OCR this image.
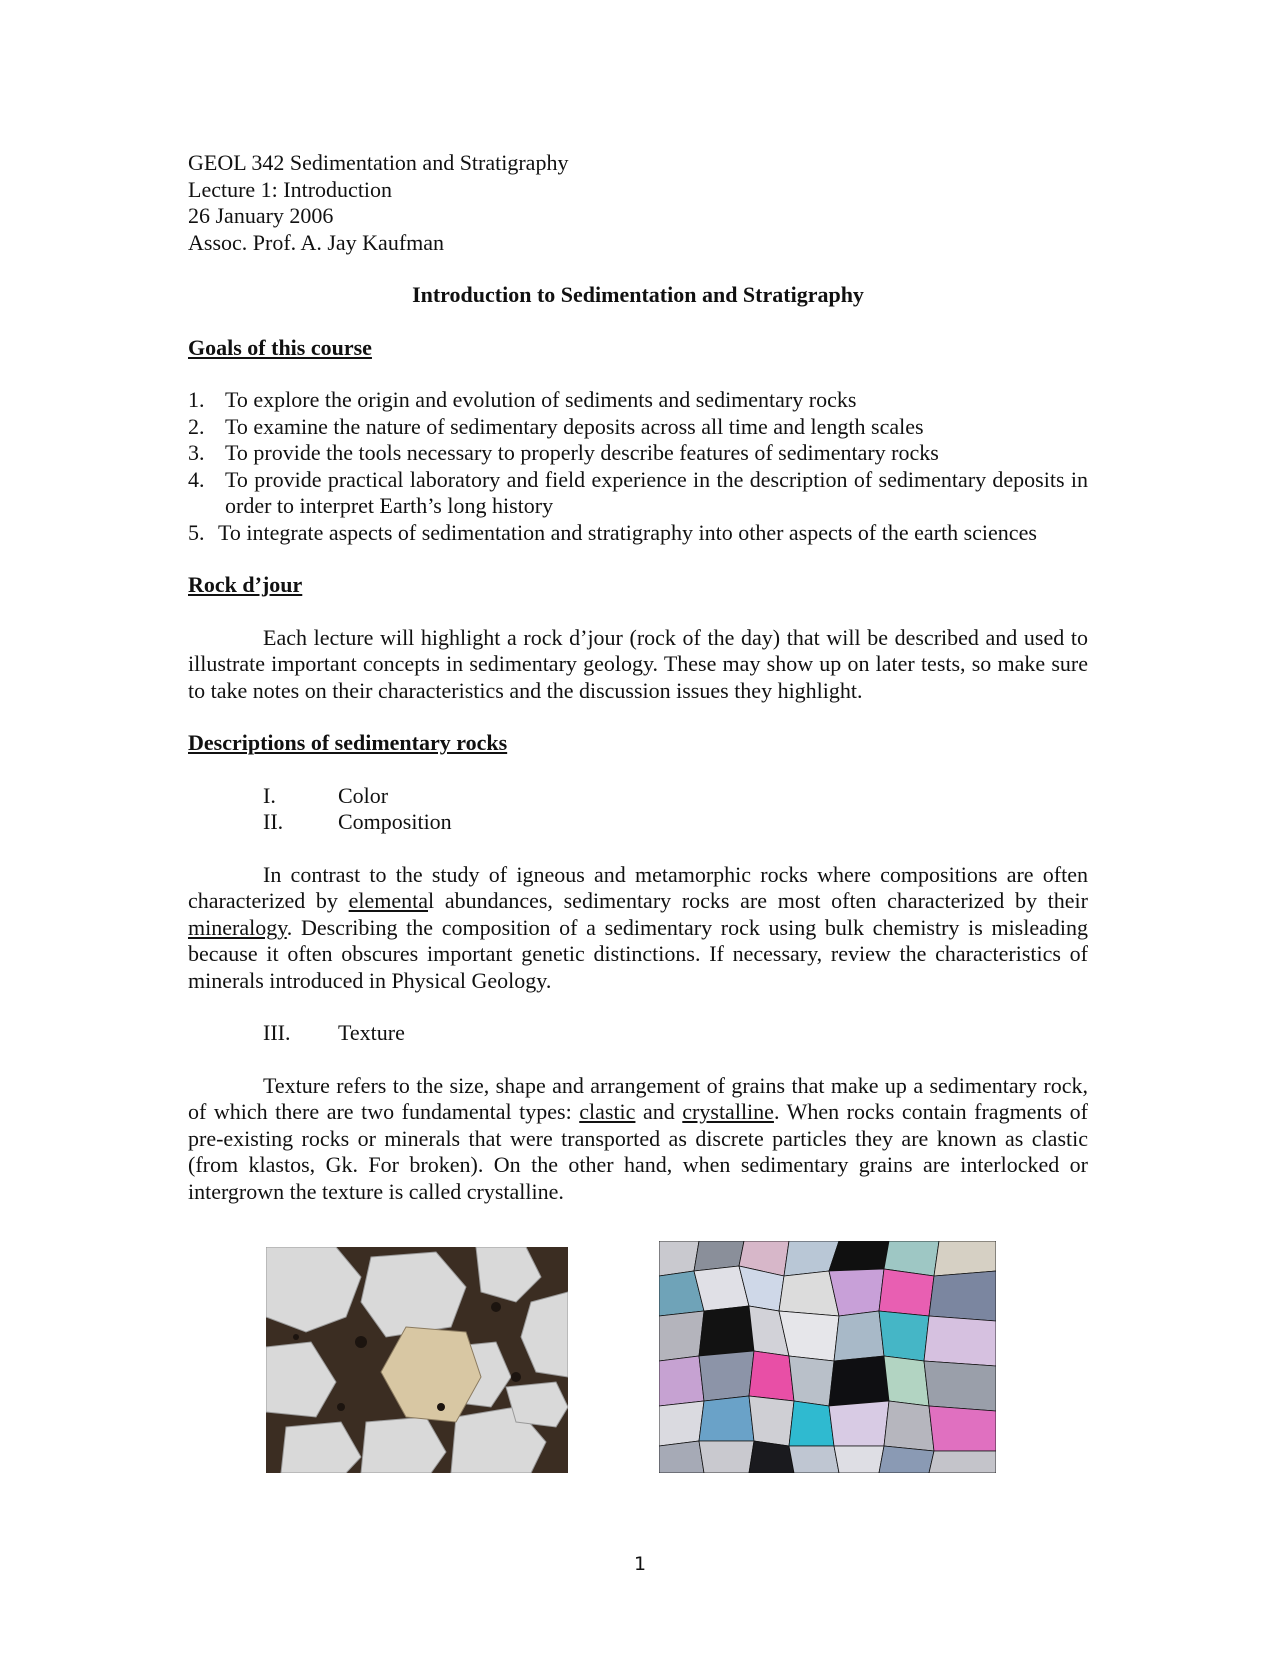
GEOL 342 Sedimentation and Stratigraphy
Lecture 1: Introduction
26 January 2006
Assoc. Prof. A. Jay Kaufman
Introduction to Sedimentation and Stratigraphy
Goals of this course
1. To explore the origin and evolution of sediments and sedimentary rocks
2. To examine the nature of sedimentary deposits across all time and length scales
3. To provide the tools necessary to properly describe features of sedimentary rocks
4. To provide practical laboratory and field experience in the description of sedimentary deposits in order to interpret Earth’s long history
5. To integrate aspects of sedimentation and stratigraphy into other aspects of the earth sciences
Rock d’jour

Each lecture will highlight a rock d’jour (rock of the day) that will be described and used to illustrate important concepts in sedimentary geology. These may show up on later tests, so make sure to take notes on their characteristics and the discussion issues they highlight.

Descriptions of sedimentary rocks
I.	Color
II.	Composition

In contrast to the study of igneous and metamorphic rocks where compositions are often characterized by elemental abundances, sedimentary rocks are most often characterized by their mineralogy. Describing the composition of a sedimentary rock using bulk chemistry is misleading because it often obscures important genetic distinctions. If necessary, review the characteristics of minerals introduced in Physical Geology.

III.	Texture

Texture refers to the size, shape and arrangement of grains that make up a sedimentary rock, of which there are two fundamental types: clastic and crystalline. When rocks contain fragments of pre-existing rocks or minerals that were transported as discrete particles they are known as clastic (from klastos, Gk. For broken). On the other hand, when sedimentary grains are interlocked or intergrown the texture is called crystalline.

1
